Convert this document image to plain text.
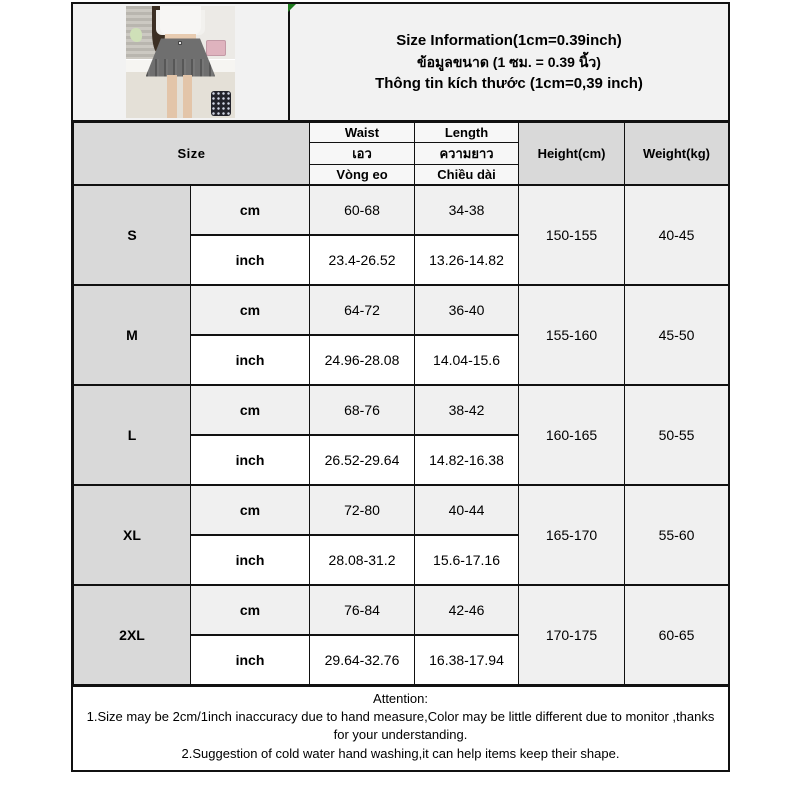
Size Information(1cm=0.39inch)
ข้อมูลขนาด (1 ซม. = 0.39 นิ้ว)
Thông tin kích thước (1cm=0,39 inch)
Size		Waist	Length	Height(cm)	Weight(kg)
		เอว	ความยาว		
		Vòng eo	Chiều dài		
S	cm	60-68	34-38	150-155	40-45
	inch	23.4-26.52	13.26-14.82		
M	cm	64-72	36-40	155-160	45-50
	inch	24.96-28.08	14.04-15.6		
L	cm	68-76	38-42	160-165	50-55
	inch	26.52-29.64	14.82-16.38		
XL	cm	72-80	40-44	165-170	55-60
	inch	28.08-31.2	15.6-17.16		
2XL	cm	76-84	42-46	170-175	60-65
	inch	29.64-32.76	16.38-17.94		
Attention:
1.Size may be 2cm/1inch inaccuracy due to hand measure,Color may be little different due to monitor ,thanks for your understanding.
2.Suggestion of cold water hand washing,it can help items keep their shape.
